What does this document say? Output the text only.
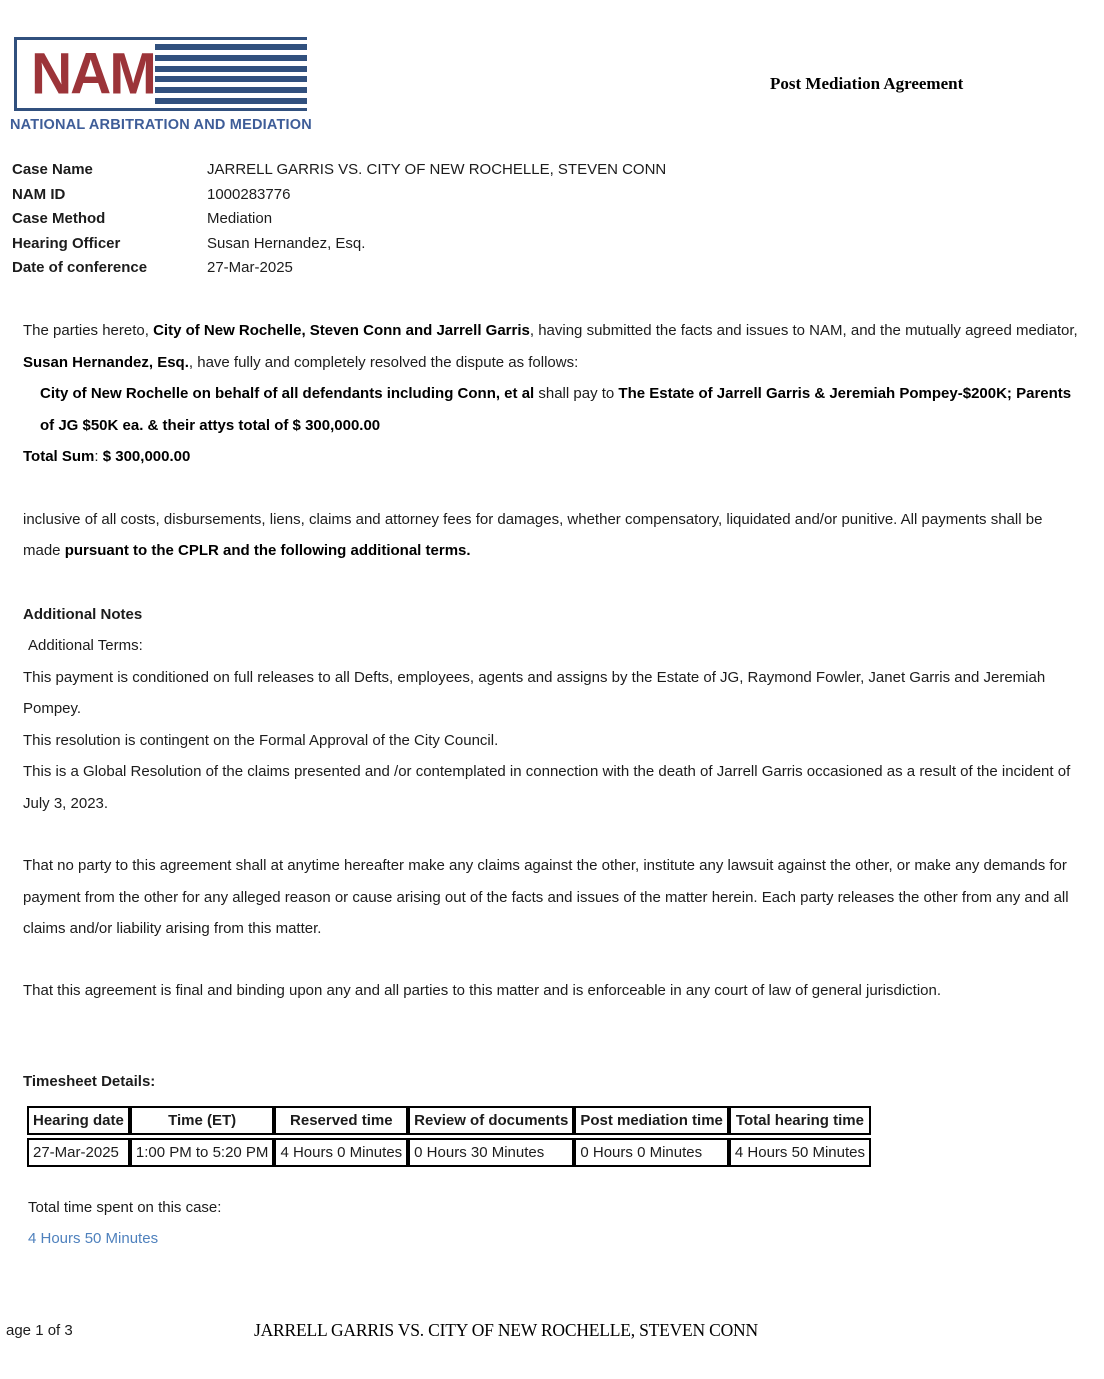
NAM
NATIONAL ARBITRATION AND MEDIATION
Post Mediation Agreement
Case Name	JARRELL GARRIS VS. CITY OF NEW ROCHELLE, STEVEN CONN
NAM ID	1000283776
Case Method	Mediation
Hearing Officer	Susan Hernandez, Esq.
Date of conference	27-Mar-2025

The parties hereto, City of New Rochelle, Steven Conn and Jarrell Garris, having submitted the facts and issues to NAM, and the mutually agreed mediator, Susan Hernandez, Esq., have fully and completely resolved the dispute as follows:

City of New Rochelle on behalf of all defendants including Conn, et al shall pay to The Estate of Jarrell Garris & Jeremiah Pompey-$200K; Parents of JG $50K ea. & their attys total of $ 300,000.00

Total Sum: $ 300,000.00

inclusive of all costs, disbursements, liens, claims and attorney fees for damages, whether compensatory, liquidated and/or punitive. All payments shall be made pursuant to the CPLR and the following additional terms.

Additional Notes

Additional Terms:

This payment is conditioned on full releases to all Defts, employees, agents and assigns by the Estate of JG, Raymond Fowler, Janet Garris and Jeremiah Pompey.

This resolution is contingent on the Formal Approval of the City Council.

This is a Global Resolution of the claims presented and /or contemplated in connection with the death of Jarrell Garris occasioned as a result of the incident of July 3, 2023.

That no party to this agreement shall at anytime hereafter make any claims against the other, institute any lawsuit against the other, or make any demands for payment from the other for any alleged reason or cause arising out of the facts and issues of the matter herein. Each party releases the other from any and all claims and/or liability arising from this matter.

That this agreement is final and binding upon any and all parties to this matter and is enforceable in any court of law of general jurisdiction.

Timesheet Details:

Hearing date	Time (ET)	Reserved time	Review of documents	Post mediation time	Total hearing time
27-Mar-2025	1:00 PM to 5:20 PM	4 Hours 0 Minutes	0 Hours 30 Minutes	0 Hours 0 Minutes	4 Hours 50 Minutes

Total time spent on this case:

4 Hours 50 Minutes

age 1 of 3	JARRELL GARRIS VS. CITY OF NEW ROCHELLE, STEVEN CONN
